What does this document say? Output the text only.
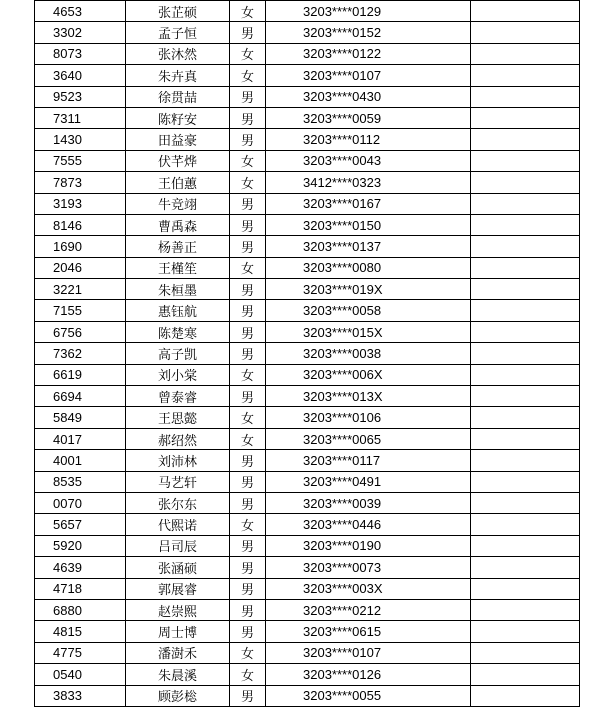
4653	张芷硕	女	3203****0129	
3302	孟子恒	男	3203****0152	
8073	张沐然	女	3203****0122	
3640	朱卉真	女	3203****0107	
9523	徐贯喆	男	3203****0430	
7311	陈籽安	男	3203****0059	
1430	田益豪	男	3203****0112	
7555	伏芊烨	女	3203****0043	
7873	王伯蕙	女	3412****0323	
3193	牛竞翊	男	3203****0167	
8146	曹禹森	男	3203****0150	
1690	杨善正	男	3203****0137	
2046	王槿笙	女	3203****0080	
3221	朱桓墨	男	3203****019X	
7155	惠钰航	男	3203****0058	
6756	陈楚寒	男	3203****015X	
7362	高子凯	男	3203****0038	
6619	刘小棠	女	3203****006X	
6694	曾泰睿	男	3203****013X	
5849	王思懿	女	3203****0106	
4017	郝绍然	女	3203****0065	
4001	刘沛林	男	3203****0117	
8535	马艺轩	男	3203****0491	
0070	张尔东	男	3203****0039	
5657	代熙诺	女	3203****0446	
5920	吕司辰	男	3203****0190	
4639	张涵硕	男	3203****0073	
4718	郭展睿	男	3203****003X	
6880	赵崇熙	男	3203****0212	
4815	周士博	男	3203****0615	
4775	潘澍禾	女	3203****0107	
0540	朱晨溪	女	3203****0126	
3833	顾彭棇	男	3203****0055	
